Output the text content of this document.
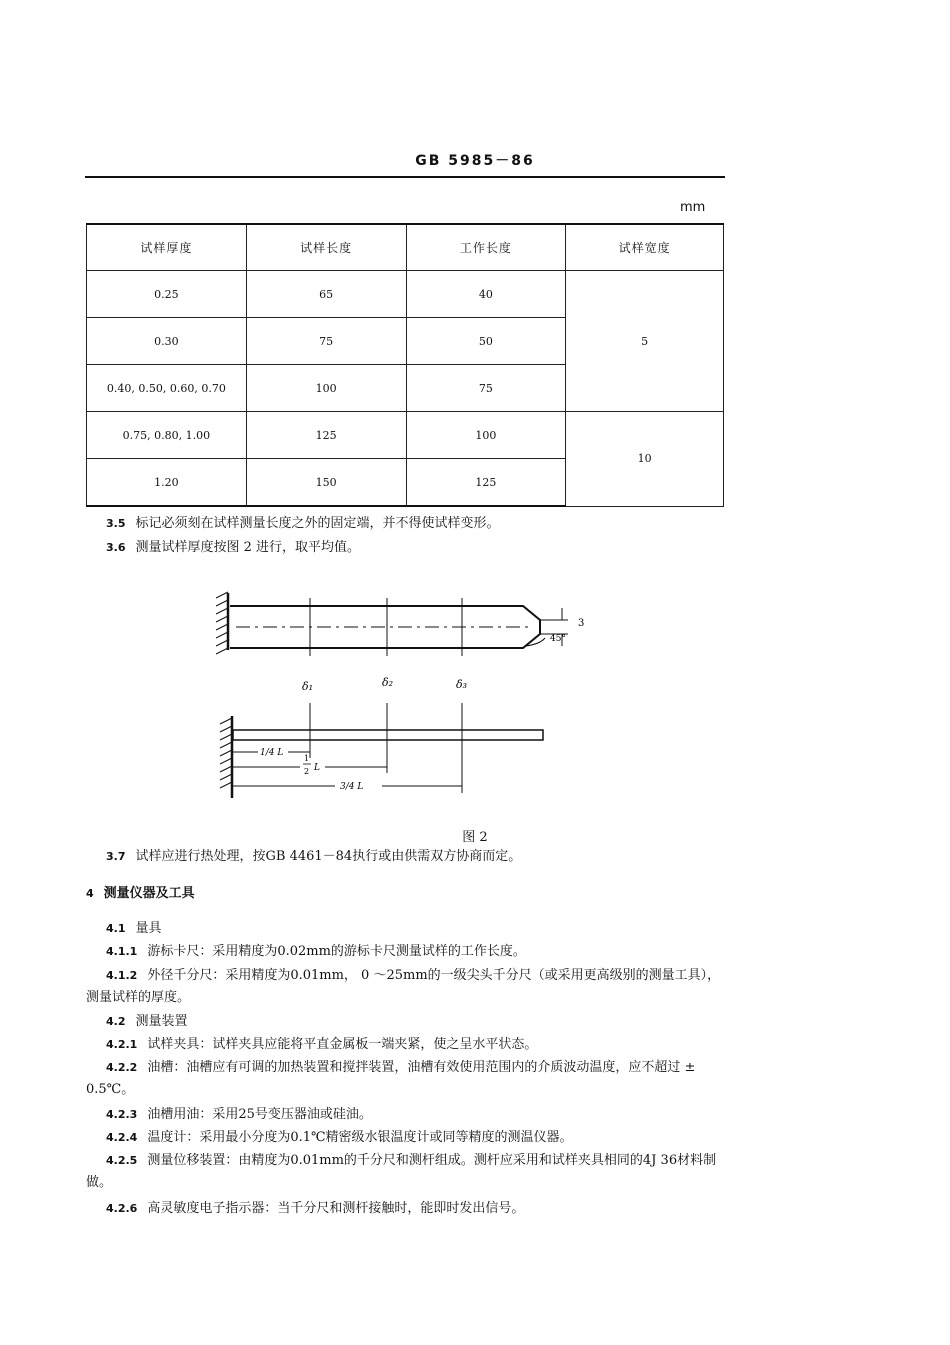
GB 5985－86
mm
试样厚度	试样长度	工作长度	试样宽度
0.25	65	40	5
0.30	75	50	
0.40, 0.50, 0.60, 0.70	100	75	
0.75, 0.80, 1.00	125	100	10
1.20	150	125	
3.5 标记必须刻在试样测量长度之外的固定端，并不得使试样变形。
3.6 测量试样厚度按图 2 进行，取平均值。
3
45°
δ₁	δ₂	δ₃
1/4 L
1
2 L
3/4 L
图 2
3.7 试样应进行热处理，按GB 4461－84执行或由供需双方协商而定。
4 测量仪器及工具
4.1 量具
4.1.1 游标卡尺：采用精度为0.02mm的游标卡尺测量试样的工作长度。
4.1.2 外径千分尺：采用精度为0.01mm， 0 ～25mm的一级尖头千分尺（或采用更高级别的测量工具），测量试样的厚度。
4.2 测量装置
4.2.1 试样夹具：试样夹具应能将平直金属板一端夹紧，使之呈水平状态。
4.2.2 油槽：油槽应有可调的加热装置和搅拌装置，油槽有效使用范围内的介质波动温度，应不超过 ± 0.5℃。
4.2.3 油槽用油：采用25号变压器油或硅油。
4.2.4 温度计：采用最小分度为0.1℃精密级水银温度计或同等精度的测温仪器。
4.2.5 测量位移装置：由精度为0.01mm的千分尺和测杆组成。测杆应采用和试样夹具相同的4J 36材料制做。
4.2.6 高灵敏度电子指示器：当千分尺和测杆接触时，能即时发出信号。
